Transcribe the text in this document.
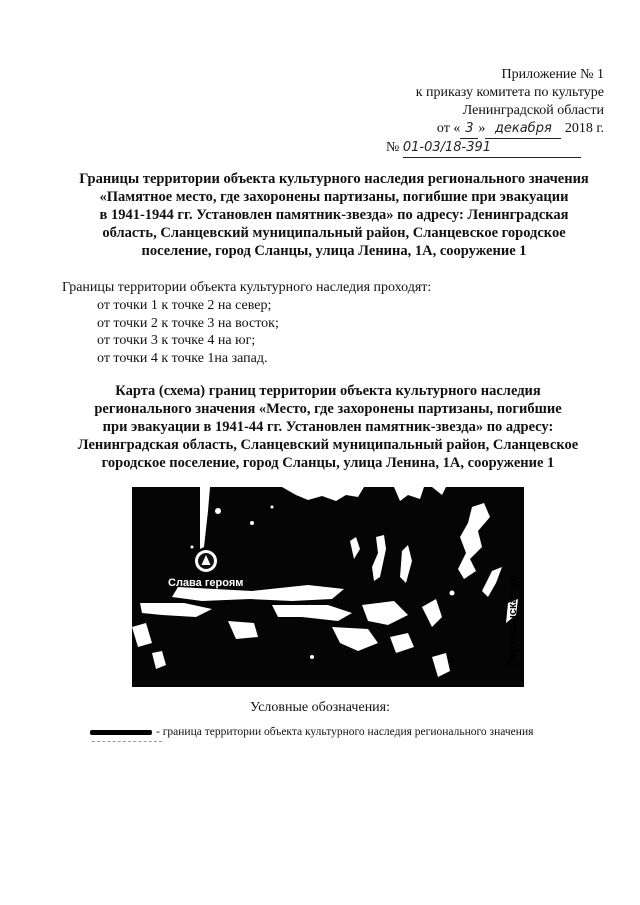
Приложение № 1
к приказу комитета по культуре
Ленинградской области
от « 3 » декабря 2018 г.
№ 01-03/18-391
Границы территории объекта культурного наследия регионального значения
«Памятное место, где захоронены партизаны, погибшие при эвакуации
в 1941-1944 гг. Установлен памятник-звезда» по адресу: Ленинградская
область, Сланцевский муниципальный район, Сланцевское городское
поселение, город Сланцы, улица Ленина, 1А, сооружение 1
Границы территории объекта культурного наследия проходят:
от точки 1 к точке 2 на север;
от точки 2 к точке 3 на восток;
от точки 3 к точке 4 на юг;
от точки 4 к точке 1на запад.
Карта (схема) границ территории объекта культурного наследия
регионального значения «Место, где захоронены партизаны, погибшие
при эвакуации в 1941-44 гг. Установлен памятник-звезда» по адресу:
Ленинградская область, Сланцевский муниципальный район, Сланцевское
городское поселение, город Сланцы, улица Ленина, 1А, сооружение 1
Слава героям	Партизанская ул.
Условные обозначения:
- граница территории объекта культурного наследия регионального значения
